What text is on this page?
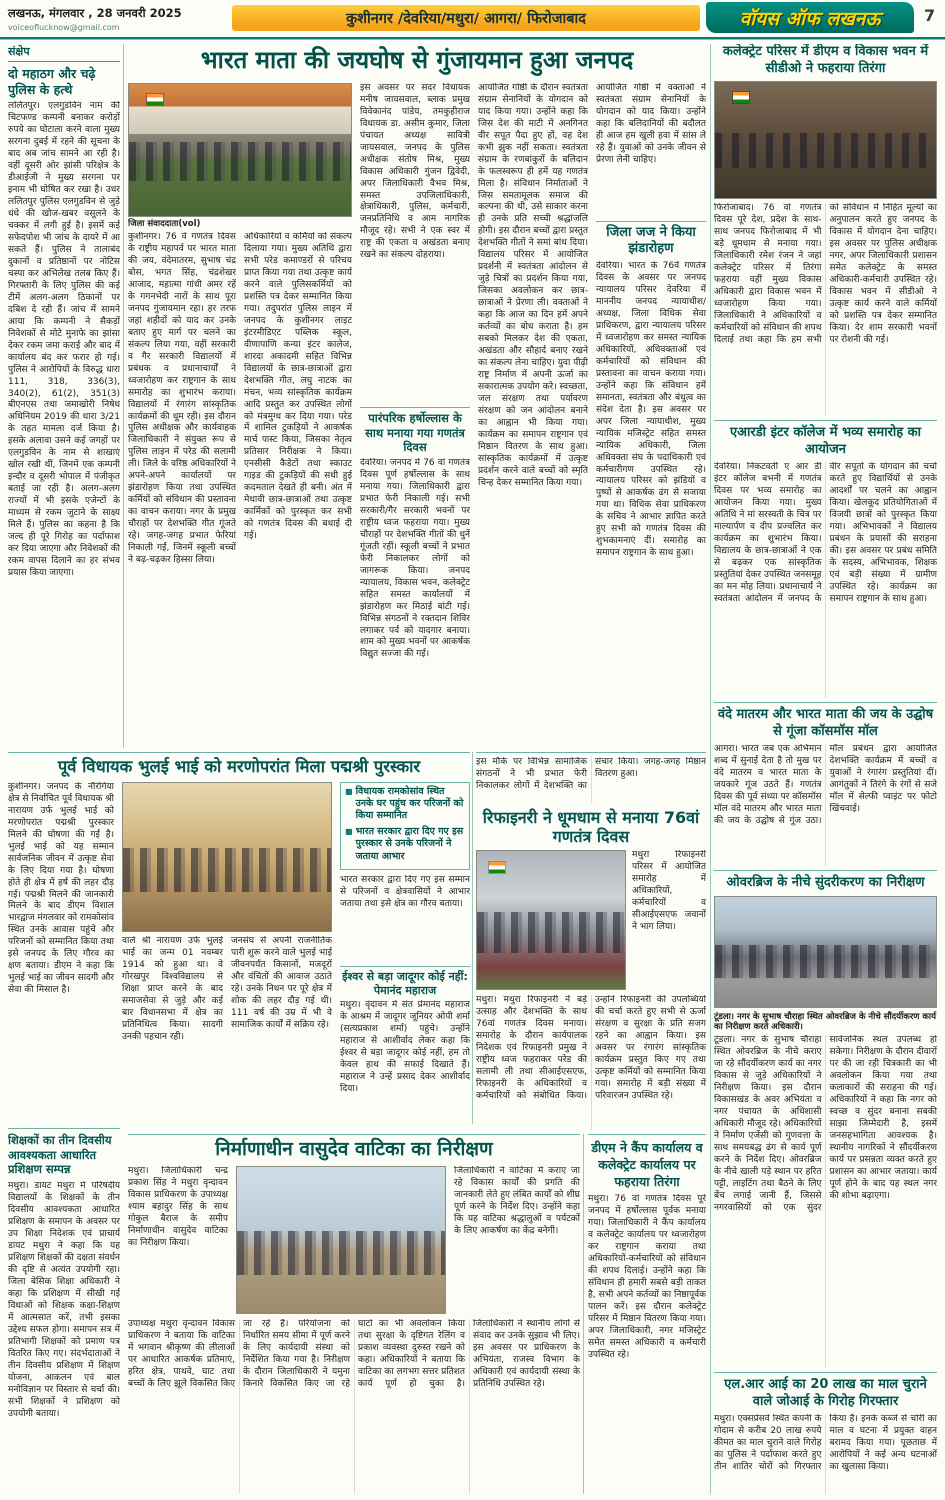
लखनऊ, मंगलवार , 28 जनवरी 2025
voiceoflucknow@gmail.com
कुशीनगर /देवरिया/मथुरा/ आगरा/ फिरोजाबाद	वॉयस ऑफ लखनऊ	7
संक्षेप
दो महाठग और चढ़े पुलिस के हत्थे

ललितपुर। एलगुडविन नाम की चिटफण्ड कम्पनी बनाकर करोड़ों रुपये का घोटाला करने वाला मुख्य सरगना दुबई में रहने की सूचना के बाद अब जांच सामने आ रही है। वहीं दूसरी ओर झांसी परिक्षेत्र के डीआईजी ने मुख्य सरगना पर इनाम भी घोषित कर रखा है। उधर ललितपुर पुलिस एलगुडविन से जुड़े धंधे की खोज-खबर वसूलने के चक्कर में लगी हुई है। इसमें कई सफेदपोश भी जांच के दायरे में आ सकते हैं। पुलिस ने तालाबंद दुकानों व प्रतिष्ठानों पर नोटिस चस्पा कर अभिलेख तलब किए हैं। गिरफ्तारी के लिए पुलिस की कई टीमें अलग-अलग ठिकानों पर दबिश दे रही हैं। जांच में सामने आया कि कम्पनी ने सैकड़ों निवेशकों से मोटे मुनाफे का झांसा देकर रकम जमा कराई और बाद में कार्यालय बंद कर फरार हो गई। पुलिस ने आरोपियों के विरुद्ध धारा 111, 318, 336(3), 340(2), 61(2), 351(3) बीएनएस तथा जमाखोरी निषेध अधिनियम 2019 की धारा 3/21 के तहत मामला दर्ज किया है। इसके अलावा उसने कई जगहों पर एलगुडविन के नाम से शाखाएं खोल रखी थीं, जिनमें एक कम्पनी इन्दौर व दूसरी भोपाल में पंजीकृत बताई जा रही है। अलग-अलग राज्यों में भी इसके एजेन्टों के माध्यम से रकम जुटाने के साक्ष्य मिले हैं। पुलिस का कहना है कि जल्द ही पूरे गिरोह का पर्दाफाश कर दिया जाएगा और निवेशकों की रकम वापस दिलाने का हर संभव प्रयास किया जाएगा।

भारत माता की जयघोष से गुंजायमान हुआ जनपद
जिला संवाददाता(vol)

कुशीनगर। 76 वें गणतंत्र दिवस के राष्ट्रीय महापर्व पर भारत माता की जय, वंदेमातरम, सुभाष चंद्र बोस, भगत सिंह, चंद्रशेखर आजाद, महात्मा गांधी अमर रहें के गगनभेदी नारों के साथ पूरा जनपद गुंजायमान रहा। हर तरफ जहां शहीदों को याद कर उनके बताए हुए मार्ग पर चलने का संकल्प लिया गया, वहीं सरकारी व गैर सरकारी विद्यालयों में प्रबंधक व प्रधानाचार्यों ने ध्वजारोहण कर राष्ट्रगान के साथ समारोह का शुभारंभ कराया। विद्यालयों में रंगारंग सांस्कृतिक कार्यक्रमों की धूम रही। इस दौरान पुलिस अधीक्षक और कार्यवाहक जिलाधिकारी ने संयुक्त रूप से पुलिस लाइन में परेड की सलामी ली। जिले के वरिष्ठ अधिकारियों ने अपने-अपने कार्यालयों पर झंडारोहण किया तथा उपस्थित कर्मियों को संविधान की प्रस्तावना का वाचन कराया। नगर के प्रमुख चौराहों पर देशभक्ति गीत गूंजते रहे। जगह-जगह प्रभात फेरियां निकाली गईं, जिनमें स्कूली बच्चों ने बढ़-चढ़कर हिस्सा लिया।

अधिकारियों व कर्मियों को संकल्प दिलाया गया। मुख्य अतिथि द्वारा सभी परेड कमाण्डरों से परिचय प्राप्त किया गया तथा उत्कृष्ट कार्य करने वाले पुलिसकर्मियों को प्रशस्ति पत्र देकर सम्मानित किया गया। तदुपरांत पुलिस लाइन में जनपद के कुशीनगर लाइट इंटरमीडिएट पब्लिक स्कूल, वीणापाणि कन्या इंटर कालेज, शारदा अकादमी सहित विभिन्न विद्यालयों के छात्र-छात्राओं द्वारा देशभक्ति गीत, लघु नाटक का मंचन, भव्य सांस्कृतिक कार्यक्रम आदि प्रस्तुत कर उपस्थित लोगों को मंत्रमुग्ध कर दिया गया। परेड में शामिल टुकड़ियों ने आकर्षक मार्च पास्ट किया, जिसका नेतृत्व प्रतिसार निरीक्षक ने किया। एनसीसी कैडेटों तथा स्काउट गाइड की टुकड़ियों की सधी हुई कदमताल देखते ही बनी। अंत में मेधावी छात्र-छात्राओं तथा उत्कृष्ट कार्मिकों को पुरस्कृत कर सभी को गणतंत्र दिवस की बधाई दी गई।

इस अवसर पर सदर विधायक मनीष जायसवाल, ब्लाक प्रमुख विवेकानंद पांडेय, तमकुहीराज विधायक डा. असीम कुमार, जिला पंचायत अध्यक्ष सावित्री जायसवाल, जनपद के पुलिस अधीक्षक संतोष मिश्र, मुख्य विकास अधिकारी गुंजन द्विवेदी, अपर जिलाधिकारी वैभव मिश्र, समस्त उपजिलाधिकारी, क्षेत्राधिकारी, पुलिस, कर्मचारी, जनप्रतिनिधि व आम नागरिक मौजूद रहे। सभी ने एक स्वर में राष्ट्र की एकता व अखंडता बनाए रखने का संकल्प दोहराया।

पारंपरिक हर्षोल्लास के साथ मनाया गया गणतंत्र दिवस

देवरिया। जनपद में 76 वां गणतंत्र दिवस पूर्ण हर्षोल्लास के साथ मनाया गया। जिलाधिकारी द्वारा प्रभात फेरी निकाली गई। सभी सरकारी/गैर सरकारी भवनों पर राष्ट्रीय ध्वज फहराया गया। मुख्य चौराहों पर देशभक्ति गीतों की धुनें गूंजती रहीं। स्कूली बच्चों ने प्रभात फेरी निकालकर लोगों को जागरूक किया। जनपद न्यायालय, विकास भवन, कलेक्ट्रेट सहित समस्त कार्यालयों में झंडारोहण कर मिठाई बांटी गई। विभिन्न संगठनों ने रक्तदान शिविर लगाकर पर्व को यादगार बनाया। शाम को मुख्य भवनों पर आकर्षक विद्युत सज्जा की गई।

आयोजित गोष्ठी के दौरान स्वतंत्रता संग्राम सेनानियों के योगदान को याद किया गया। उन्होंने कहा कि जिस देश की माटी में अनगिनत वीर सपूत पैदा हुए हों, वह देश कभी झुक नहीं सकता। स्वतंत्रता संग्राम के रणबांकुरों के बलिदान के फलस्वरूप ही हमें यह गणतंत्र मिला है। संविधान निर्माताओं ने जिस समतामूलक समाज की कल्पना की थी, उसे साकार करना ही उनके प्रति सच्ची श्रद्धांजलि होगी। इस दौरान बच्चों द्वारा प्रस्तुत देशभक्ति गीतों ने समां बांध दिया। विद्यालय परिसर में आयोजित प्रदर्शनी में स्वतंत्रता आंदोलन से जुड़े चित्रों का प्रदर्शन किया गया, जिसका अवलोकन कर छात्र-छात्राओं ने प्रेरणा ली। वक्ताओं ने कहा कि आज का दिन हमें अपने कर्तव्यों का बोध कराता है। हम सबको मिलकर देश की एकता, अखंडता और सौहार्द बनाए रखने का संकल्प लेना चाहिए। युवा पीढ़ी राष्ट्र निर्माण में अपनी ऊर्जा का सकारात्मक उपयोग करे। स्वच्छता, जल संरक्षण तथा पर्यावरण संरक्षण को जन आंदोलन बनाने का आह्वान भी किया गया। कार्यक्रम का समापन राष्ट्रगान एवं मिष्ठान वितरण के साथ हुआ। सांस्कृतिक कार्यक्रमों में उत्कृष्ट प्रदर्शन करने वाले बच्चों को स्मृति चिन्ह देकर सम्मानित किया गया।

आयोजित गोष्ठी में वक्ताओं ने स्वतंत्रता संग्राम सेनानियों के योगदान को याद किया। उन्होंने कहा कि बलिदानियों की बदौलत ही आज हम खुली हवा में सांस ले रहे हैं। युवाओं को उनके जीवन से प्रेरणा लेनी चाहिए।

जिला जज ने किया झंडारोहण

देवरिया। भारत के 76वें गणतंत्र दिवस के अवसर पर जनपद न्यायालय परिसर देवरिया में माननीय जनपद न्यायाधीश/अध्यक्ष, जिला विधिक सेवा प्राधिकरण, द्वारा न्यायालय परिसर में ध्वजारोहण कर समस्त न्यायिक अधिकारियों, अधिवक्ताओं एवं कर्मचारियों को संविधान की प्रस्तावना का वाचन कराया गया। उन्होंने कहा कि संविधान हमें समानता, स्वतंत्रता और बंधुत्व का संदेश देता है। इस अवसर पर अपर जिला न्यायाधीश, मुख्य न्यायिक मजिस्ट्रेट सहित समस्त न्यायिक अधिकारी, जिला अधिवक्ता संघ के पदाधिकारी एवं कर्मचारीगण उपस्थित रहे। न्यायालय परिसर को झंडियों व पुष्पों से आकर्षक ढंग से सजाया गया था। विधिक सेवा प्राधिकरण के सचिव ने आभार ज्ञापित करते हुए सभी को गणतंत्र दिवस की शुभकामनाएं दीं। समारोह का समापन राष्ट्रगान के साथ हुआ।

कलेक्ट्रेट परिसर में डीएम व विकास भवन में सीडीओ ने फहराया तिरंगा

फिरोजाबाद। 76 वां गणतंत्र दिवस पूरे देश, प्रदेश के साथ-साथ जनपद फिरोजाबाद में भी बड़े धूमधाम से मनाया गया। जिलाधिकारी रमेश रंजन ने जहां कलेक्ट्रेट परिसर में तिरंगा फहराया वहीं मुख्य विकास अधिकारी द्वारा विकास भवन में ध्वजारोहण किया गया। जिलाधिकारी ने अधिकारियों व कर्मचारियों को संविधान की शपथ दिलाई तथा कहा कि हम सभी को संविधान में निहित मूल्यों का अनुपालन करते हुए जनपद के विकास में योगदान देना चाहिए। इस अवसर पर पुलिस अधीक्षक नगर, अपर जिलाधिकारी प्रशासन समेत कलेक्ट्रेट के समस्त अधिकारी-कर्मचारी उपस्थित रहे। विकास भवन में सीडीओ ने उत्कृष्ट कार्य करने वाले कर्मियों को प्रशस्ति पत्र देकर सम्मानित किया। देर शाम सरकारी भवनों पर रोशनी की गई।

एआरडी इंटर कॉलेज में भव्य समारोह का आयोजन

देवरिया। निकटवर्ती ए आर डी इंटर कॉलेज बभनी में गणतंत्र दिवस पर भव्य समारोह का आयोजन किया गया। मुख्य अतिथि ने मां सरस्वती के चित्र पर माल्यार्पण व दीप प्रज्वलित कर कार्यक्रम का शुभारंभ किया। विद्यालय के छात्र-छात्राओं ने एक से बढ़कर एक सांस्कृतिक प्रस्तुतियां देकर उपस्थित जनसमूह का मन मोह लिया। प्रधानाचार्य ने स्वतंत्रता आंदोलन में जनपद के वीर सपूतों के योगदान की चर्चा करते हुए विद्यार्थियों से उनके आदर्शों पर चलने का आह्वान किया। खेलकूद प्रतियोगिताओं में विजयी छात्रों को पुरस्कृत किया गया। अभिभावकों ने विद्यालय प्रबंधन के प्रयासों की सराहना की। इस अवसर पर प्रबंध समिति के सदस्य, अभिभावक, शिक्षक एवं बड़ी संख्या में ग्रामीण उपस्थित रहे। कार्यक्रम का समापन राष्ट्रगान के साथ हुआ।

वंदे मातरम और भारत माता की जय के उद्घोष से गूंजा कॉसमॉस मॉल

आगरा। भारत जब एक अभिमान शब्द में सुनाई देता है तो मुख पर वंदे मातरम व भारत माता के जयकारे गूंज उठते हैं। गणतंत्र दिवस की पूर्व संध्या पर कॉसमॉस मॉल वंदे मातरम और भारत माता की जय के उद्घोष से गूंज उठा। मॉल प्रबंधन द्वारा आयोजित देशभक्ति कार्यक्रम में बच्चों व युवाओं ने रंगारंग प्रस्तुतियां दीं। आगंतुकों ने तिरंगे के रंगों से सजे मॉल में सेल्फी प्वाइंट पर फोटो खिंचवाई।

ओवरब्रिज के नीचे सुंदरीकरण का निरीक्षण
टूंडला। नगर के सुभाष चौराहा स्थित ओवरब्रिज के नीचे सौंदर्यीकरण कार्य का निरीक्षण करते अधिकारी।

टूंडला। नगर के सुभाष चौराहा स्थित ओवरब्रिज के नीचे कराए जा रहे सौंदर्यीकरण कार्य का नगर विकास से जुड़े अधिकारियों ने निरीक्षण किया। इस दौरान विकासखंड के अवर अभियंता व नगर पंचायत के अधिशासी अधिकारी मौजूद रहे। अधिकारियों ने निर्माण एजेंसी को गुणवत्ता के साथ समयबद्ध ढंग से कार्य पूर्ण करने के निर्देश दिए। ओवरब्रिज के नीचे खाली पड़े स्थान पर हरित पट्टी, लाइटिंग तथा बैठने के लिए बेंच लगाई जानी हैं, जिससे नगरवासियों को एक सुंदर सार्वजनिक स्थल उपलब्ध हो सकेगा। निरीक्षण के दौरान दीवारों पर की जा रही चित्रकारी का भी अवलोकन किया गया तथा कलाकारों की सराहना की गई। अधिकारियों ने कहा कि नगर को स्वच्छ व सुंदर बनाना सबकी साझा जिम्मेदारी है, इसमें जनसहभागिता आवश्यक है। स्थानीय नागरिकों ने सौंदर्यीकरण कार्य पर प्रसन्नता व्यक्त करते हुए प्रशासन का आभार जताया। कार्य पूर्ण होने के बाद यह स्थल नगर की शोभा बढ़ाएगा।

एल.आर आई का 20 लाख का माल चुराने वाले जोआई के गिरोह गिरफ्तार

मथुरा। एक्सप्रेसवे स्थित कंपनी के गोदाम से करीब 20 लाख रुपये कीमत का माल चुराने वाले गिरोह का पुलिस ने पर्दाफाश करते हुए तीन शातिर चोरों को गिरफ्तार किया है। इनके कब्जे से चोरी का माल व घटना में प्रयुक्त वाहन बरामद किया गया। पूछताछ में आरोपियों ने कई अन्य घटनाओं का खुलासा किया।

पूर्व विधायक भुलई भाई को मरणोपरांत मिला पद्मश्री पुरस्कार

कुशीनगर। जनपद के नौरंगिया क्षेत्र से निर्वाचित पूर्व विधायक श्री नारायण उर्फ भुलई भाई को मरणोपरांत पद्मश्री पुरस्कार मिलने की घोषणा की गई है। भुलई भाई को यह सम्मान सार्वजनिक जीवन में उत्कृष्ट सेवा के लिए दिया गया है। घोषणा होते ही क्षेत्र में हर्ष की लहर दौड़ गई। पद्मश्री मिलने की जानकारी मिलने के बाद डीएम विशाल भारद्वाज मंगलवार को रामकोसांव स्थित उनके आवास पहुंचे और परिजनों को सम्मानित किया तथा इसे जनपद के लिए गौरव का क्षण बताया। डीएम ने कहा कि भुलई भाई का जीवन सादगी और सेवा की मिसाल है।

वाले श्री नारायण उर्फ भुलई भाई का जन्म 01 नवम्बर 1914 को हुआ था। वे गोरखपुर विश्वविद्यालय से शिक्षा प्राप्त करने के बाद समाजसेवा से जुड़े और कई बार विधानसभा में क्षेत्र का प्रतिनिधित्व किया। सादगी उनकी पहचान रही।

जनसंघ से अपनी राजनीतिक पारी शुरू करने वाले भुलई भाई जीवनपर्यंत किसानों, मजदूरों और वंचितों की आवाज उठाते रहे। उनके निधन पर पूरे क्षेत्र में शोक की लहर दौड़ गई थी। 111 वर्ष की उम्र में भी वे सामाजिक कार्यों में सक्रिय रहे।

■ विधायक रामकोसांव स्थित उनके घर पहुंच कर परिजनों को किया सम्मानित
■ भारत सरकार द्वारा दिए गए इस पुरस्कार से उनके परिजनों ने जताया आभार

भारत सरकार द्वारा दिए गए इस सम्मान से परिजनों व क्षेत्रवासियों ने आभार जताया तथा इसे क्षेत्र का गौरव बताया।

ईश्वर से बड़ा जादूगर कोई नहीं: पेमानंद महाराज

मथुरा। वृंदावन में संत प्रेमानंद महाराज के आश्रम में जादूगर जूनियर ओपी शर्मा (सत्यप्रकाश शर्मा) पहुंचे। उन्होंने महाराज से आशीर्वाद लेकर कहा कि ईश्वर से बड़ा जादूगर कोई नहीं, हम तो केवल हाथ की सफाई दिखाते हैं। महाराज ने उन्हें प्रसाद देकर आशीर्वाद दिया।

इस मौके पर विभिन्न सामाजिक संगठनों ने भी प्रभात फेरी निकालकर लोगों में देशभक्ति का संचार किया। जगह-जगह मिष्ठान वितरण हुआ।

रिफाइनरी ने धूमधाम से मनाया 76वां गणतंत्र दिवस

मथुरा रिफाइनरी परिसर में आयोजित समारोह में अधिकारियों, कर्मचारियों व सीआईएसएफ जवानों ने भाग लिया।

मथुरा। मथुरा रिफाइनरी ने बड़े उत्साह और देशभक्ति के साथ 76वां गणतंत्र दिवस मनाया। समारोह के दौरान कार्यपालक निदेशक एवं रिफाइनरी प्रमुख ने राष्ट्रीय ध्वज फहराकर परेड की सलामी ली तथा सीआईएसएफ, रिफाइनरी के अधिकारियों व कर्मचारियों को संबोधित किया। उन्होंने रिफाइनरी की उपलब्धियों की चर्चा करते हुए सभी से ऊर्जा संरक्षण व सुरक्षा के प्रति सजग रहने का आह्वान किया। इस अवसर पर रंगारंग सांस्कृतिक कार्यक्रम प्रस्तुत किए गए तथा उत्कृष्ट कर्मियों को सम्मानित किया गया। समारोह में बड़ी संख्या में परिवारजन उपस्थित रहे।

निर्माणाधीन वासुदेव वाटिका का निरीक्षण

मथुरा। जिलाधिकारी चन्द्र प्रकाश सिंह ने मथुरा वृन्दावन विकास प्राधिकरण के उपाध्यक्ष श्याम बहादुर सिंह के साथ गोकुल बैराज के समीप निर्माणाधीन वासुदेव वाटिका का निरीक्षण किया।

जिलाधिकारी ने वाटिका में कराए जा रहे विकास कार्यों की प्रगति की जानकारी लेते हुए लंबित कार्यों को शीघ्र पूर्ण करने के निर्देश दिए। उन्होंने कहा कि यह वाटिका श्रद्धालुओं व पर्यटकों के लिए आकर्षण का केंद्र बनेगी।

उपाध्यक्ष मथुरा वृन्दावन विकास प्राधिकरण ने बताया कि वाटिका में भगवान श्रीकृष्ण की लीलाओं पर आधारित आकर्षक प्रतिमाएं, हरित क्षेत्र, पाथवे, घाट तथा बच्चों के लिए झूले विकसित किए जा रहे हैं। परियोजना को निर्धारित समय सीमा में पूर्ण करने के लिए कार्यदायी संस्था को निर्देशित किया गया है। निरीक्षण के दौरान जिलाधिकारी ने यमुना किनारे विकसित किए जा रहे घाटों का भी अवलोकन किया तथा सुरक्षा के दृष्टिगत रेलिंग व प्रकाश व्यवस्था दुरुस्त रखने को कहा। अधिकारियों ने बताया कि वाटिका का लगभग सत्तर प्रतिशत कार्य पूर्ण हो चुका है। जिलाधिकारी ने स्थानीय लोगों से संवाद कर उनके सुझाव भी लिए। इस अवसर पर प्राधिकरण के अभियंता, राजस्व विभाग के अधिकारी एवं कार्यदायी संस्था के प्रतिनिधि उपस्थित रहे।

डीएम ने कैंप कार्यालय व कलेक्ट्रेट कार्यालय पर फहराया तिरंगा

मथुरा। 76 वां गणतंत्र दिवस पूरे जनपद में हर्षोल्लास पूर्वक मनाया गया। जिलाधिकारी ने कैंप कार्यालय व कलेक्ट्रेट कार्यालय पर ध्वजारोहण कर राष्ट्रगान कराया तथा अधिकारियों-कर्मचारियों को संविधान की शपथ दिलाई। उन्होंने कहा कि संविधान ही हमारी सबसे बड़ी ताकत है, सभी अपने कर्तव्यों का निष्ठापूर्वक पालन करें। इस दौरान कलेक्ट्रेट परिसर में मिष्ठान वितरण किया गया। अपर जिलाधिकारी, नगर मजिस्ट्रेट समेत समस्त अधिकारी व कर्मचारी उपस्थित रहे।

शिक्षकों का तीन दिवसीय आवश्यकता आधारित प्रशिक्षण सम्पन्न

मथुरा। डायट मथुरा में परिषदीय विद्यालयों के शिक्षकों के तीन दिवसीय आवश्यकता आधारित प्रशिक्षण के समापन के अवसर पर उप शिक्षा निदेशक एवं प्राचार्य डायट मथुरा ने कहा कि यह प्रशिक्षण शिक्षकों की दक्षता संवर्धन की दृष्टि से अत्यंत उपयोगी रहा। जिला बेसिक शिक्षा अधिकारी ने कहा कि प्रशिक्षण में सीखी गई विधाओं को शिक्षक कक्षा-शिक्षण में आत्मसात करें, तभी इसका उद्देश्य सफल होगा। समापन सत्र में प्रतिभागी शिक्षकों को प्रमाण पत्र वितरित किए गए। संदर्भदाताओं ने तीन दिवसीय प्रशिक्षण में शिक्षण योजना, आकलन एवं बाल मनोविज्ञान पर विस्तार से चर्चा की। सभी शिक्षकों ने प्रशिक्षण को उपयोगी बताया।
